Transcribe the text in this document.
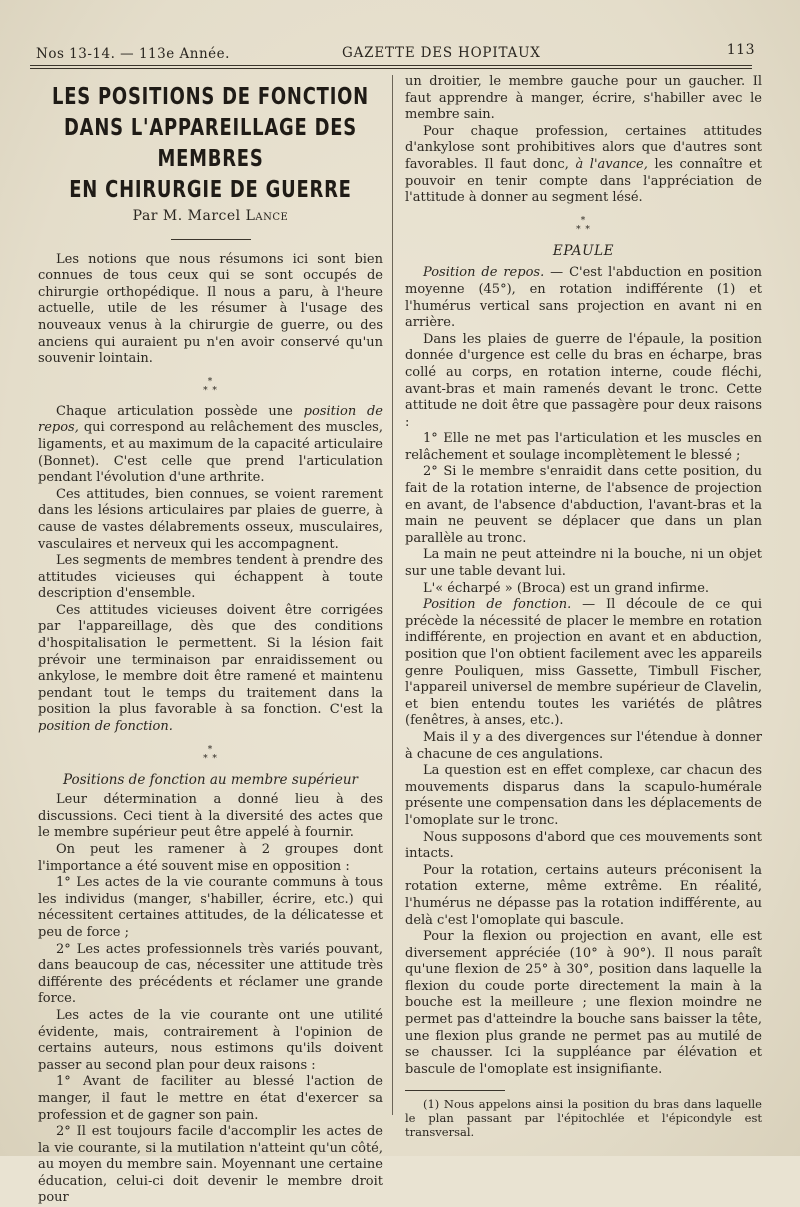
Nos 13-14. — 113e Année.	GAZETTE DES HOPITAUX	113
LES POSITIONS DE FONCTION
DANS L'APPAREILLAGE DES MEMBRES
EN CHIRURGIE DE GUERRE
Par M. Marcel Lance

Les notions que nous résumons ici sont bien connues de tous ceux qui se sont occupés de chirurgie orthopédique. Il nous a paru, à l'heure actuelle, utile de les résumer à l'usage des nouveaux venus à la chirurgie de guerre, ou des anciens qui auraient pu n'en avoir conservé qu'un souvenir lointain.

*
* *

Chaque articulation possède une position de repos, qui correspond au relâchement des muscles, ligaments, et au maximum de la capacité articulaire (Bonnet). C'est celle que prend l'articulation pendant l'évolution d'une arthrite.

Ces attitudes, bien connues, se voient rarement dans les lésions articulaires par plaies de guerre, à cause de vastes délabrements osseux, musculaires, vasculaires et nerveux qui les accompagnent.

Les segments de membres tendent à prendre des attitudes vicieuses qui échappent à toute description d'ensemble.

Ces attitudes vicieuses doivent être corrigées par l'appareillage, dès que des conditions d'hospitalisation le permettent. Si la lésion fait prévoir une terminaison par enraidissement ou ankylose, le membre doit être ramené et maintenu pendant tout le temps du traitement dans la position la plus favorable à sa fonction. C'est la position de fonction.

*
* *
Positions de fonction au membre supérieur

Leur détermination a donné lieu à des discussions. Ceci tient à la diversité des actes que le membre supérieur peut être appelé à fournir.

On peut les ramener à 2 groupes dont l'importance a été souvent mise en opposition :

1° Les actes de la vie courante communs à tous les individus (manger, s'habiller, écrire, etc.) qui nécessitent certaines attitudes, de la délicatesse et peu de force ;

2° Les actes professionnels très variés pouvant, dans beaucoup de cas, nécessiter une attitude très différente des précédents et réclamer une grande force.

Les actes de la vie courante ont une utilité évidente, mais, contrairement à l'opinion de certains auteurs, nous estimons qu'ils doivent passer au second plan pour deux raisons :

1° Avant de faciliter au blessé l'action de manger, il faut le mettre en état d'exercer sa profession et de gagner son pain.

2° Il est toujours facile d'accomplir les actes de la vie courante, si la mutilation n'atteint qu'un côté, au moyen du membre sain. Moyennant une certaine éducation, celui-ci doit devenir le membre droit pour

un droitier, le membre gauche pour un gaucher. Il faut apprendre à manger, écrire, s'habiller avec le membre sain.

Pour chaque profession, certaines attitudes d'ankylose sont prohibitives alors que d'autres sont favorables. Il faut donc, à l'avance, les connaître et pouvoir en tenir compte dans l'appréciation de l'attitude à donner au segment lésé.

*
* *
EPAULE

Position de repos. — C'est l'abduction en position moyenne (45°), en rotation indifférente (1) et l'humérus vertical sans projection en avant ni en arrière.

Dans les plaies de guerre de l'épaule, la position donnée d'urgence est celle du bras en écharpe, bras collé au corps, en rotation interne, coude fléchi, avant-bras et main ramenés devant le tronc. Cette attitude ne doit être que passagère pour deux raisons :

1° Elle ne met pas l'articulation et les muscles en relâchement et soulage incomplètement le blessé ;

2° Si le membre s'enraidit dans cette position, du fait de la rotation interne, de l'absence de projection en avant, de l'absence d'abduction, l'avant-bras et la main ne peuvent se déplacer que dans un plan parallèle au tronc.

La main ne peut atteindre ni la bouche, ni un objet sur une table devant lui.

L'« écharpé » (Broca) est un grand infirme.

Position de fonction. — Il découle de ce qui précède la nécessité de placer le membre en rotation indifférente, en projection en avant et en abduction, position que l'on obtient facilement avec les appareils genre Pouliquen, miss Gassette, Timbull Fischer, l'appareil universel de membre supérieur de Clavelin, et bien entendu toutes les variétés de plâtres (fenêtres, à anses, etc.).

Mais il y a des divergences sur l'étendue à donner à chacune de ces angulations.

La question est en effet complexe, car chacun des mouvements disparus dans la scapulo-humérale présente une compensation dans les déplacements de l'omoplate sur le tronc.

Nous supposons d'abord que ces mouvements sont intacts.

Pour la rotation, certains auteurs préconisent la rotation externe, même extrême. En réalité, l'humérus ne dépasse pas la rotation indifférente, au delà c'est l'omoplate qui bascule.

Pour la flexion ou projection en avant, elle est diversement appréciée (10° à 90°). Il nous paraît qu'une flexion de 25° à 30°, position dans laquelle la flexion du coude porte directement la main à la bouche est la meilleure ; une flexion moindre ne permet pas d'atteindre la bouche sans baisser la tête, une flexion plus grande ne permet pas au mutilé de se chausser. Ici la suppléance par élévation et bascule de l'omoplate est insignifiante.

(1) Nous appelons ainsi la position du bras dans laquelle le plan passant par l'épitochlée et l'épicondyle est transversal.
